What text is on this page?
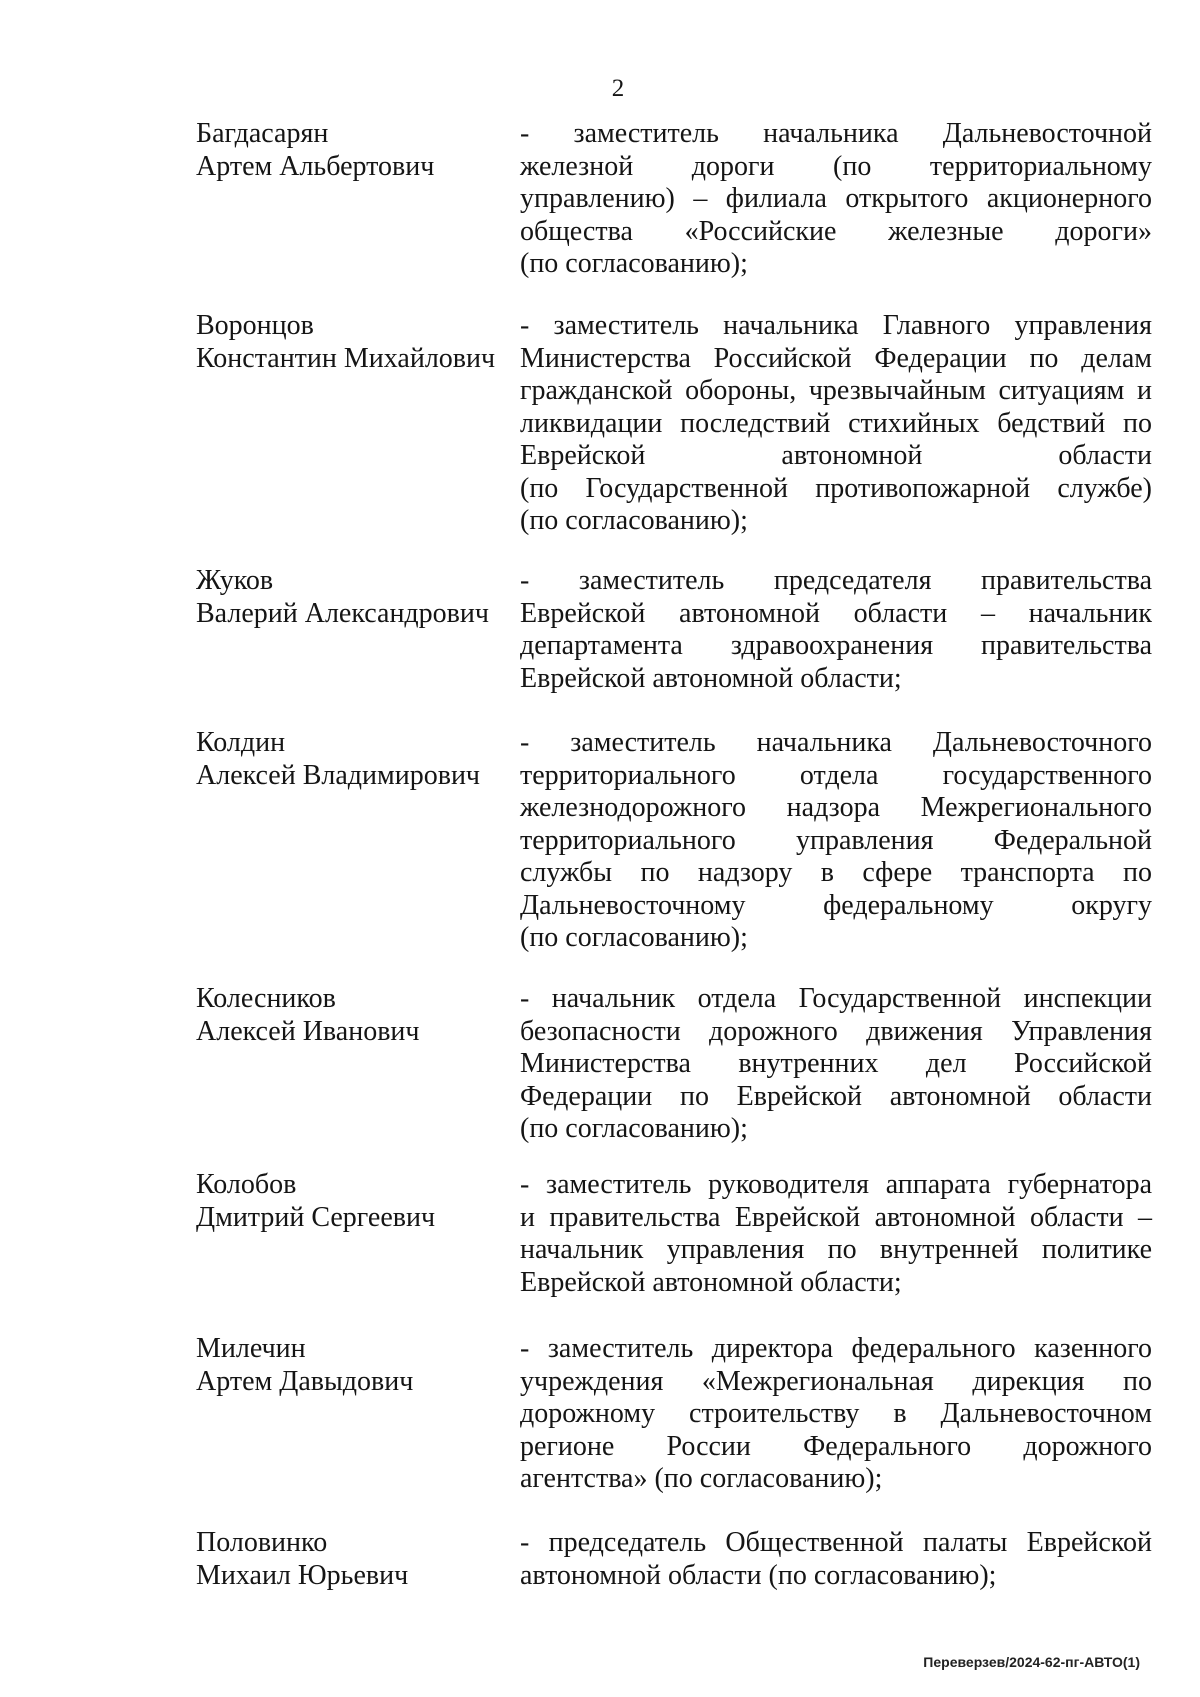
2
Багдасарян
Артем Альбертович
- заместитель начальника Дальневосточной
железной дороги (по территориальному
управлению) – филиала открытого акционерного
общества «Российские железные дороги»
(по согласованию);
Воронцов
Константин Михайлович
- заместитель начальника Главного управления
Министерства Российской Федерации по делам
гражданской обороны, чрезвычайным ситуациям и
ликвидации последствий стихийных бедствий по
Еврейской автономной области
(по Государственной противопожарной службе)
(по согласованию);
Жуков
Валерий Александрович
- заместитель председателя правительства
Еврейской автономной области – начальник
департамента здравоохранения правительства
Еврейской автономной области;
Колдин
Алексей Владимирович
- заместитель начальника Дальневосточного
территориального отдела государственного
железнодорожного надзора Межрегионального
территориального управления Федеральной
службы по надзору в сфере транспорта по
Дальневосточному федеральному округу
(по согласованию);
Колесников
Алексей Иванович
- начальник отдела Государственной инспекции
безопасности дорожного движения Управления
Министерства внутренних дел Российской
Федерации по Еврейской автономной области
(по согласованию);
Колобов
Дмитрий Сергеевич
- заместитель руководителя аппарата губернатора
и правительства Еврейской автономной области –
начальник управления по внутренней политике
Еврейской автономной области;
Милечин
Артем Давыдович
- заместитель директора федерального казенного
учреждения «Межрегиональная дирекция по
дорожному строительству в Дальневосточном
регионе России Федерального дорожного
агентства» (по согласованию);
Половинко
Михаил Юрьевич
- председатель Общественной палаты Еврейской
автономной области (по согласованию);
Переверзев/2024-62-пг-АВТО(1)
